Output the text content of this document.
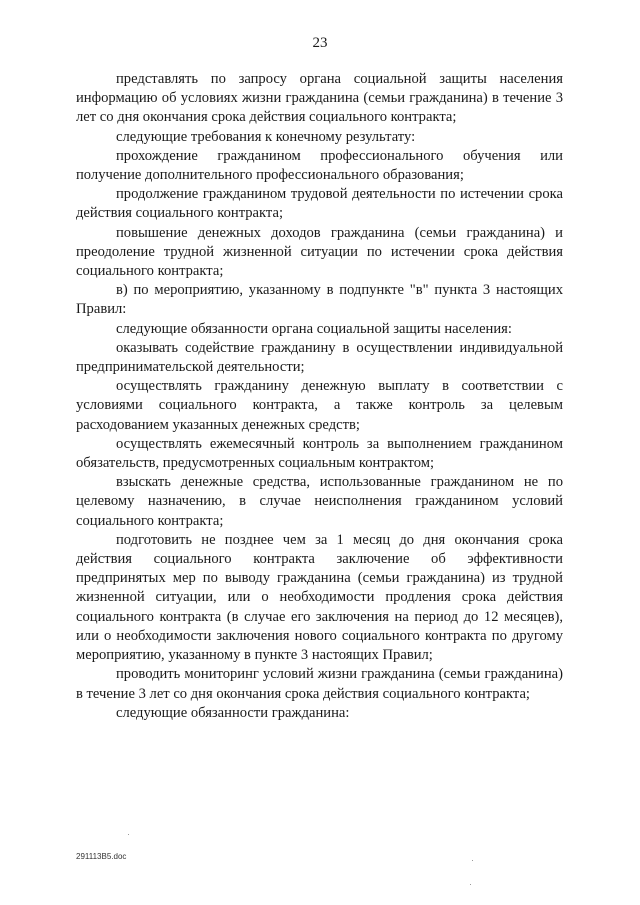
23

представлять по запросу органа социальной защиты населения информацию об условиях жизни гражданина (семьи гражданина) в течение 3 лет со дня окончания срока действия социального контракта;

следующие требования к конечному результату:

прохождение гражданином профессионального обучения или получение дополнительного профессионального образования;

продолжение гражданином трудовой деятельности по истечении срока действия социального контракта;

повышение денежных доходов гражданина (семьи гражданина) и преодоление трудной жизненной ситуации по истечении срока действия социального контракта;

в) по мероприятию, указанному в подпункте "в" пункта 3 настоящих Правил:

следующие обязанности органа социальной защиты населения:

оказывать содействие гражданину в осуществлении индивидуальной предпринимательской деятельности;

осуществлять гражданину денежную выплату в соответствии с условиями социального контракта, а также контроль за целевым расходованием указанных денежных средств;

осуществлять ежемесячный контроль за выполнением гражданином обязательств, предусмотренных социальным контрактом;

взыскать денежные средства, использованные гражданином не по целевому назначению, в случае неисполнения гражданином условий социального контракта;

подготовить не позднее чем за 1 месяц до дня окончания срока действия социального контракта заключение об эффективности предпринятых мер по выводу гражданина (семьи гражданина) из трудной жизненной ситуации, или о необходимости продления срока действия социального контракта (в случае его заключения на период до 12 месяцев), или о необходимости заключения нового социального контракта по другому мероприятию, указанному в пункте 3 настоящих Правил;

проводить мониторинг условий жизни гражданина (семьи гражданина) в течение 3 лет со дня окончания срока действия социального контракта;

следующие обязанности гражданина:

291113B5.doc
